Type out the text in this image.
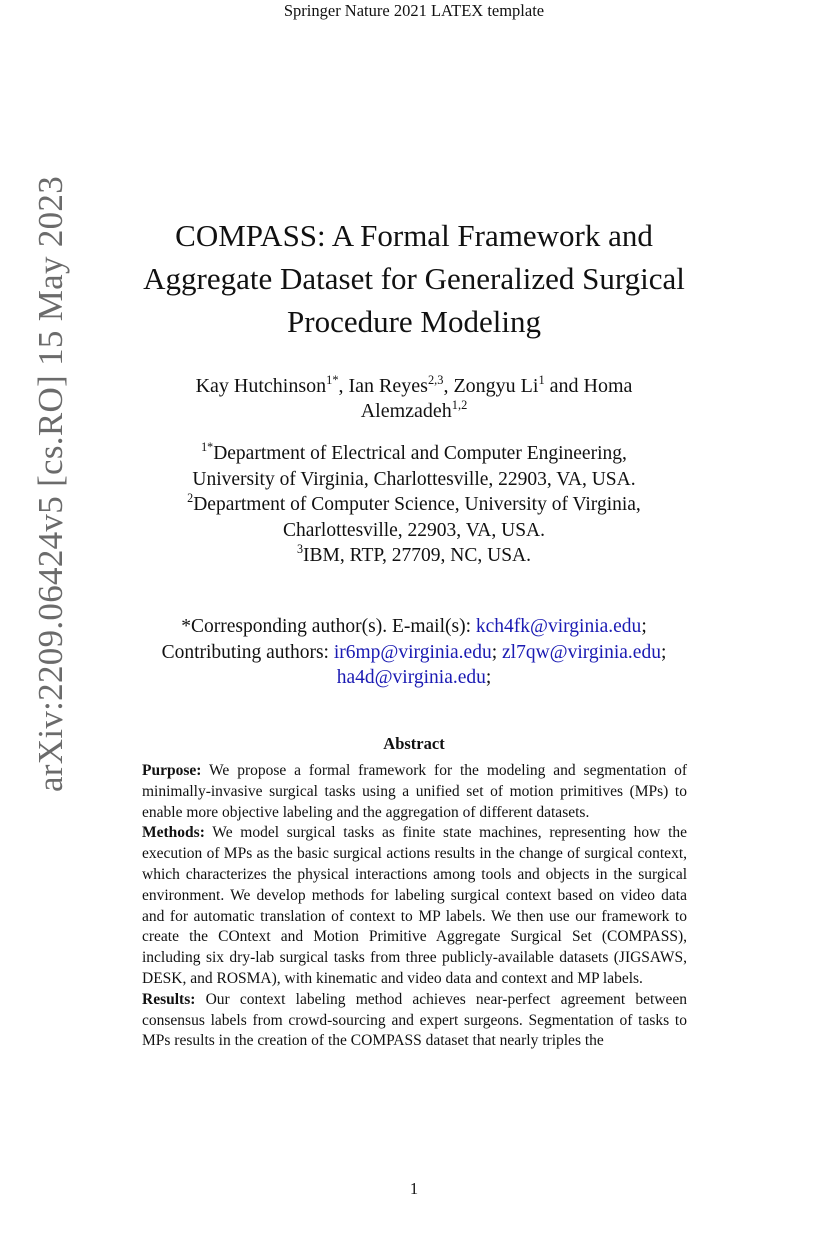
Springer Nature 2021 LATEX template
arXiv:2209.06424v5 [cs.RO] 15 May 2023	COMPASS: A Formal Framework and
Aggregate Dataset for Generalized Surgical
Procedure Modeling
Kay Hutchinson$^{1*}$, Ian Reyes$^{2,3}$, Zongyu Li$^1$ and Homa
Alemzadeh$^{1,2}$
$^{1*}$Department of Electrical and Computer Engineering,
University of Virginia, Charlottesville, 22903, VA, USA.
$^2$Department of Computer Science, University of Virginia,
Charlottesville, 22903, VA, USA.
$^3$IBM, RTP, 27709, NC, USA.
*Corresponding author(s). E-mail(s): kch4fk@virginia.edu;
Contributing authors: ir6mp@virginia.edu; zl7qw@virginia.edu;
ha4d@virginia.edu;
Abstract

Purpose: We propose a formal framework for the modeling and segmentation of minimally-invasive surgical tasks using a unified set of motion primitives (MPs) to enable more objective labeling and the aggregation of different datasets.

Methods: We model surgical tasks as finite state machines, representing how the execution of MPs as the basic surgical actions results in the change of surgical context, which characterizes the physical interactions among tools and objects in the surgical environment. We develop methods for labeling surgical context based on video data and for automatic translation of context to MP labels. We then use our framework to create the COntext and Motion Primitive Aggregate Surgical Set (COMPASS), including six dry-lab surgical tasks from three publicly-available datasets (JIGSAWS, DESK, and ROSMA), with kinematic and video data and context and MP labels.

Results: Our context labeling method achieves near-perfect agreement between consensus labels from crowd-sourcing and expert surgeons. Segmentation of tasks to MPs results in the creation of the COMPASS dataset that nearly triples the

1
